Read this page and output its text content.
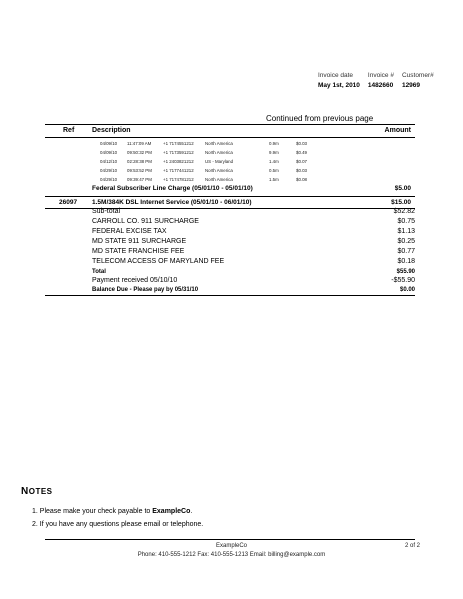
Invoice date
May 1st, 2010
Invoice #
1482660
Customer#
12969
Continued from previous page
Ref	Description	Amount
04/09/10 11:47:09 AM	+1 7174551212	North America	0.9m	$0.03
04/09/10 09:50:32 PM	+1 7173591212	North America	9.9m	$0.49
04/12/10 02:28:38 PM	+1 2403821212	US - Maryland	1.4m	$0.07
04/29/10 09:53:52 PM	+1 7177441212	North America	0.5m	$0.03
04/29/10 09:39:47 PM	+1 7174781212	North America	1.5m	$0.08
Federal Subscriber Line Charge (05/01/10 - 05/01/10)	$5.00
26097 1.5M/384K DSL Internet Service (05/01/10 - 06/01/10)	$15.00
Sub-total	$52.82
CARROLL CO. 911 SURCHARGE	$0.75
FEDERAL EXCISE TAX	$1.13
MD STATE 911 SURCHARGE	$0.25
MD STATE FRANCHISE FEE	$0.77
TELECOM ACCESS OF MARYLAND FEE	$0.18
Total	$55.90
Payment received 05/10/10	-$55.90
Balance Due - Please pay by 05/31/10	$0.00
NOTES
1. Please make your check payable to ExampleCo.
2. If you have any questions please email or telephone.
ExampleCo
Phone: 410-555-1212 Fax: 410-555-1213 Email: billing@example.com
2 of 2
